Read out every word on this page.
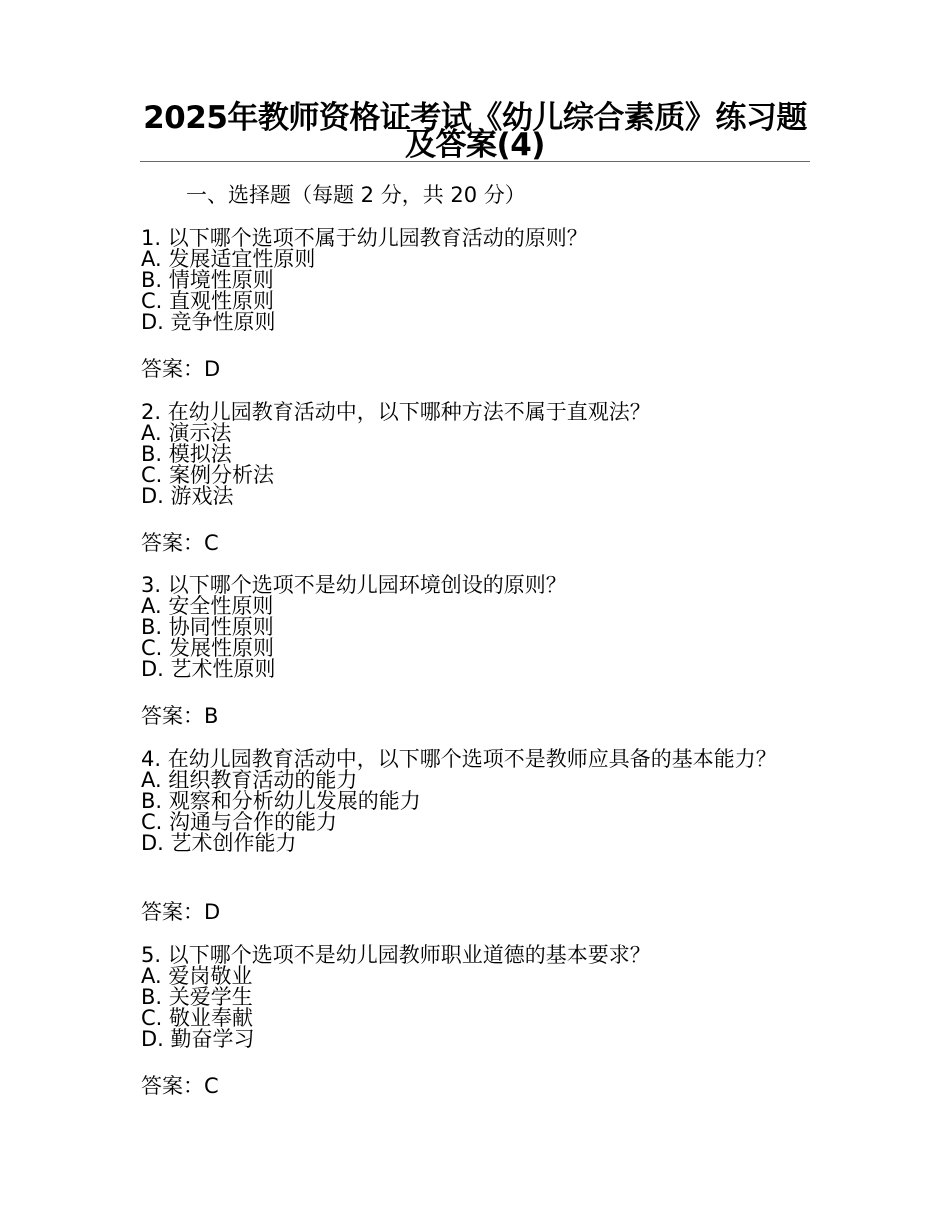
2025年教师资格证考试《幼儿综合素质》练习题及答案(4)
一、选择题（每题 2 分，共 20 分）
1. 以下哪个选项不属于幼儿园教育活动的原则？
A. 发展适宜性原则
B. 情境性原则
C. 直观性原则
D. 竞争性原则
答案：D
2. 在幼儿园教育活动中，以下哪种方法不属于直观法？
A. 演示法
B. 模拟法
C. 案例分析法
D. 游戏法
答案：C
3. 以下哪个选项不是幼儿园环境创设的原则？
A. 安全性原则
B. 协同性原则
C. 发展性原则
D. 艺术性原则
答案：B
4. 在幼儿园教育活动中，以下哪个选项不是教师应具备的基本能力？
A. 组织教育活动的能力
B. 观察和分析幼儿发展的能力
C. 沟通与合作的能力
D. 艺术创作能力
答案：D
5. 以下哪个选项不是幼儿园教师职业道德的基本要求？
A. 爱岗敬业
B. 关爱学生
C. 敬业奉献
D. 勤奋学习
答案：C
